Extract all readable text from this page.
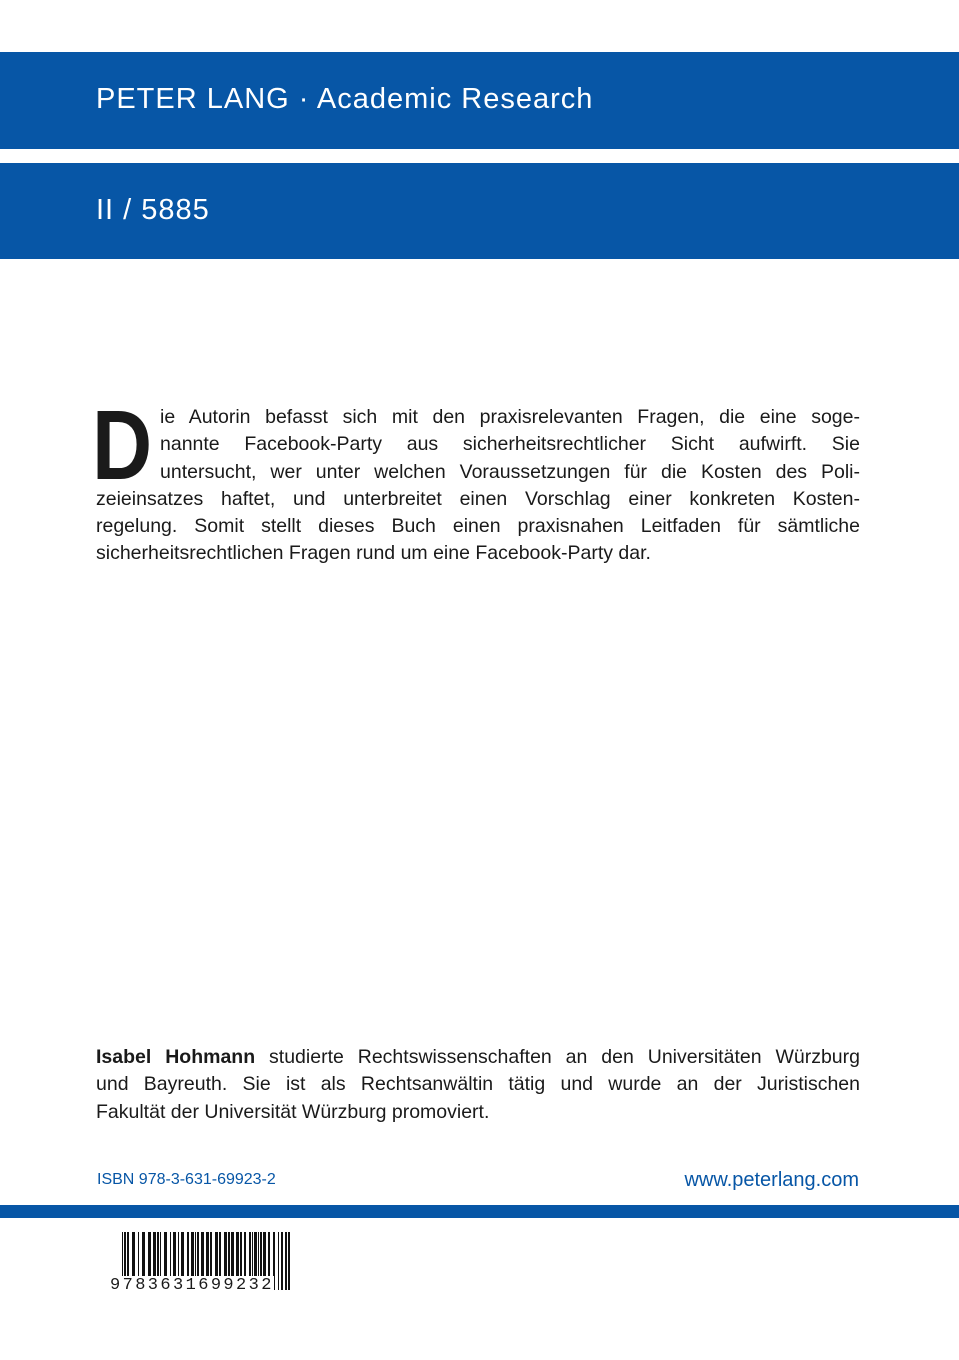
PETER LANG · Academic Research
II / 5885
D ie Autorin befasst sich mit den praxisrelevanten Fragen, die eine soge-
nannte Facebook-Party aus sicherheitsrechtlicher Sicht aufwirft. Sie
untersucht, wer unter welchen Voraussetzungen für die Kosten des Poli-
zeieinsatzes haftet, und unterbreitet einen Vorschlag einer konkreten Kosten-
regelung. Somit stellt dieses Buch einen praxisnahen Leitfaden für sämtliche
sicherheitsrechtlichen Fragen rund um eine Facebook-Party dar.
Isabel Hohmann studierte Rechtswissenschaften an den Universitäten Würzburg
und Bayreuth. Sie ist als Rechtsanwältin tätig und wurde an der Juristischen
Fakultät der Universität Würzburg promoviert.
ISBN 978-3-631-69923-2	www.peterlang.com
9783631699232
